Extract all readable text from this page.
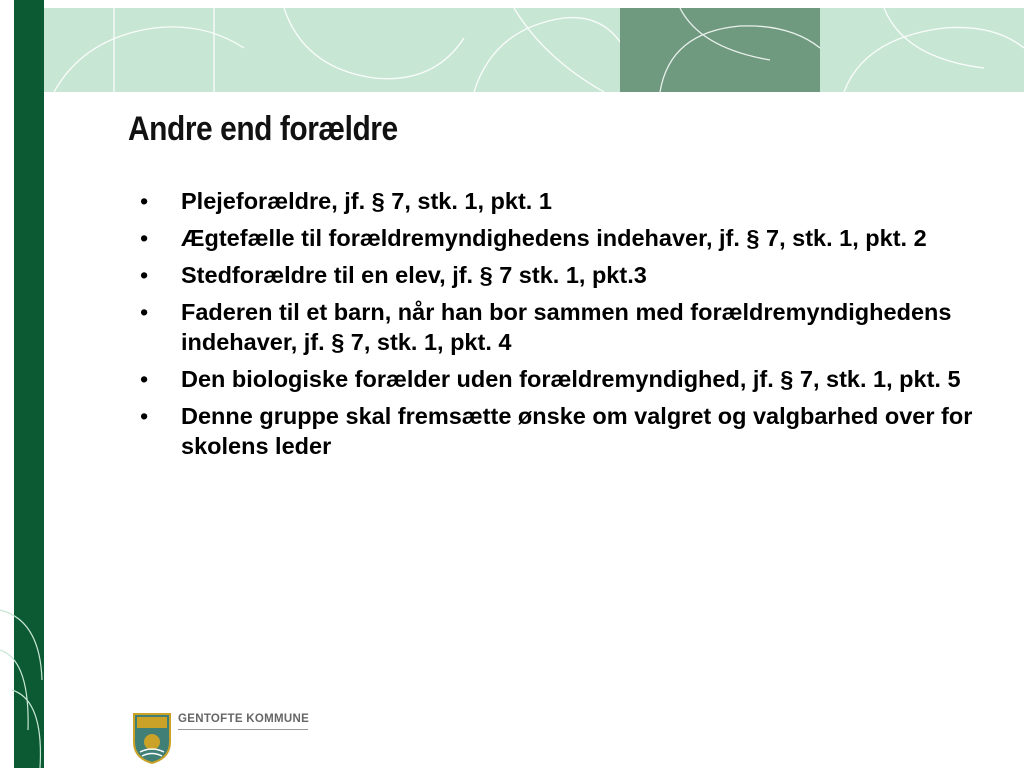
Andre end forældre
•	Plejeforældre, jf. § 7, stk. 1, pkt. 1
•	Ægtefælle til forældremyndighedens indehaver, jf. § 7, stk. 1, pkt. 2
•	Stedforældre til en elev, jf. § 7 stk. 1, pkt.3
•	Faderen til et barn, når han bor sammen med forældremyndighedens indehaver, jf. § 7, stk. 1, pkt. 4
•	Den biologiske forælder uden forældremyndighed, jf. § 7, stk. 1, pkt. 5
•	Denne gruppe skal fremsætte ønske om valgret og valgbarhed over for skolens leder
GENTOFTE KOMMUNE
